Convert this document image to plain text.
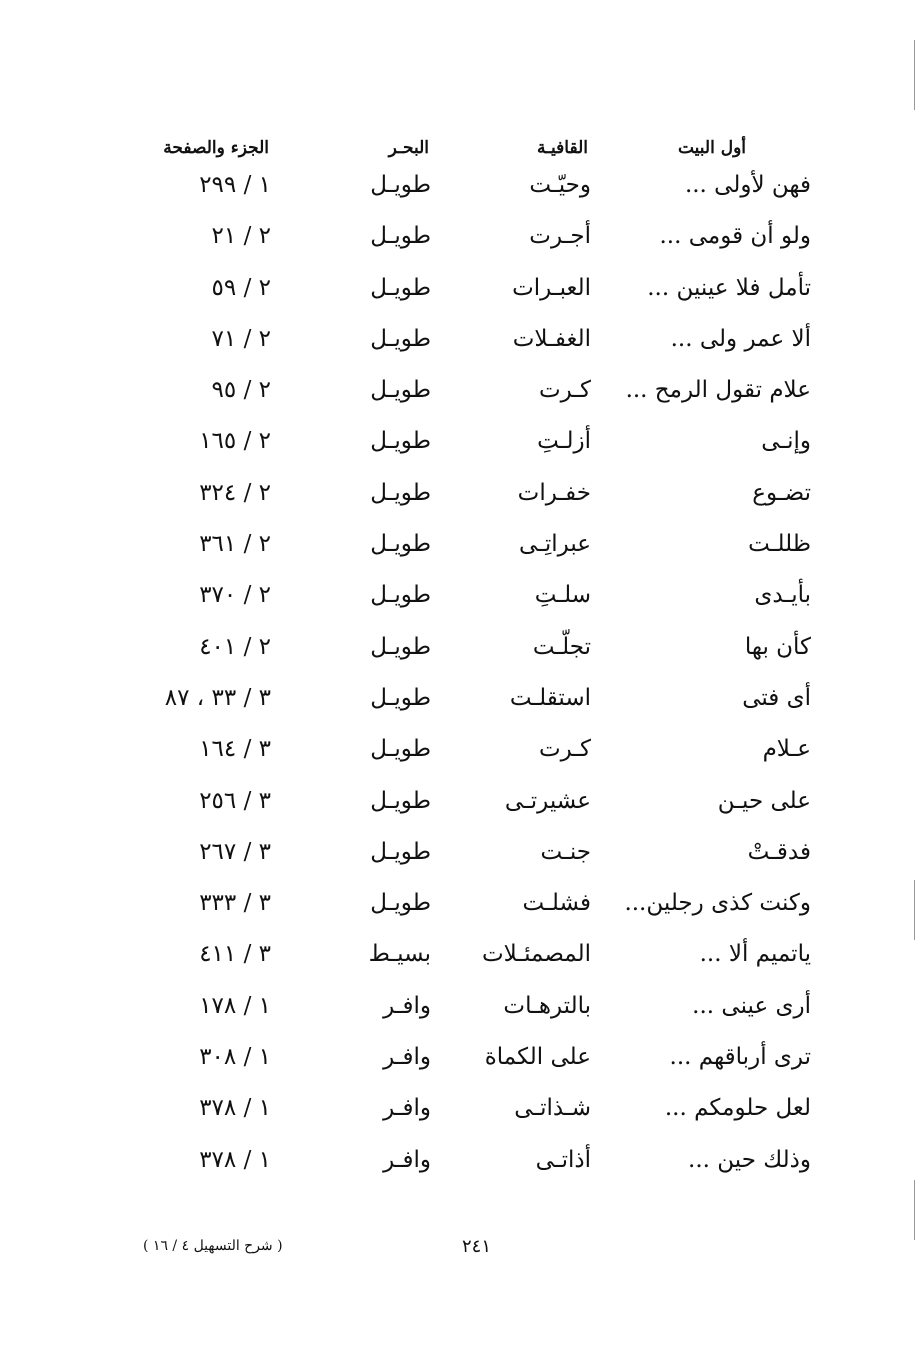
أول البيت
القافيـة
البحـر
الجزء والصفحة
فهن لأولى ...
وحيّـت
طويـل
١ / ٢٩٩
ولو أن قومى ...
أجـرت
طويـل
٢ / ٢١
تأمل فلا عينين ...
العبـرات
طويـل
٢ / ٥٩
ألا عمر ولى ...
الغفـلات
طويـل
٢ / ٧١
علام تقول الرمح ...
كـرت
طويـل
٢ / ٩٥
وإنـى
أزلـتِ
طويـل
٢ / ١٦٥
تضـوع
خفـرات
طويـل
٢ / ٣٢٤
ظللـت
عبراتِـى
طويـل
٢ / ٣٦١
بأيـدى
سلـتِ
طويـل
٢ / ٣٧٠
كأن بها
تجلّـت
طويـل
٢ / ٤٠١
أى فتى
استقلـت
طويـل
٣ / ٣٣ ، ٨٧
عـلام
كـرت
طويـل
٣ / ١٦٤
على حيـن
عشيرتـى
طويـل
٣ / ٢٥٦
فدقـتْ
جنـت
طويـل
٣ / ٢٦٧
وكنت كذى رجلين...
فشلـت
طويـل
٣ / ٣٣٣
ياتميم ألا ...
المصمئـلات
بسيـط
٣ / ٤١١
أرى عينى ...
بالترهـات
وافـر
١ / ١٧٨
ترى أرباقهم ...
على الكماة
وافـر
١ / ٣٠٨
لعل حلومكم ...
شـذاتـى
وافـر
١ / ٣٧٨
وذلك حين ...
أذاتـى
وافـر
١ / ٣٧٨
( شرح التسهيل ٤ / ١٦ )	٢٤١
